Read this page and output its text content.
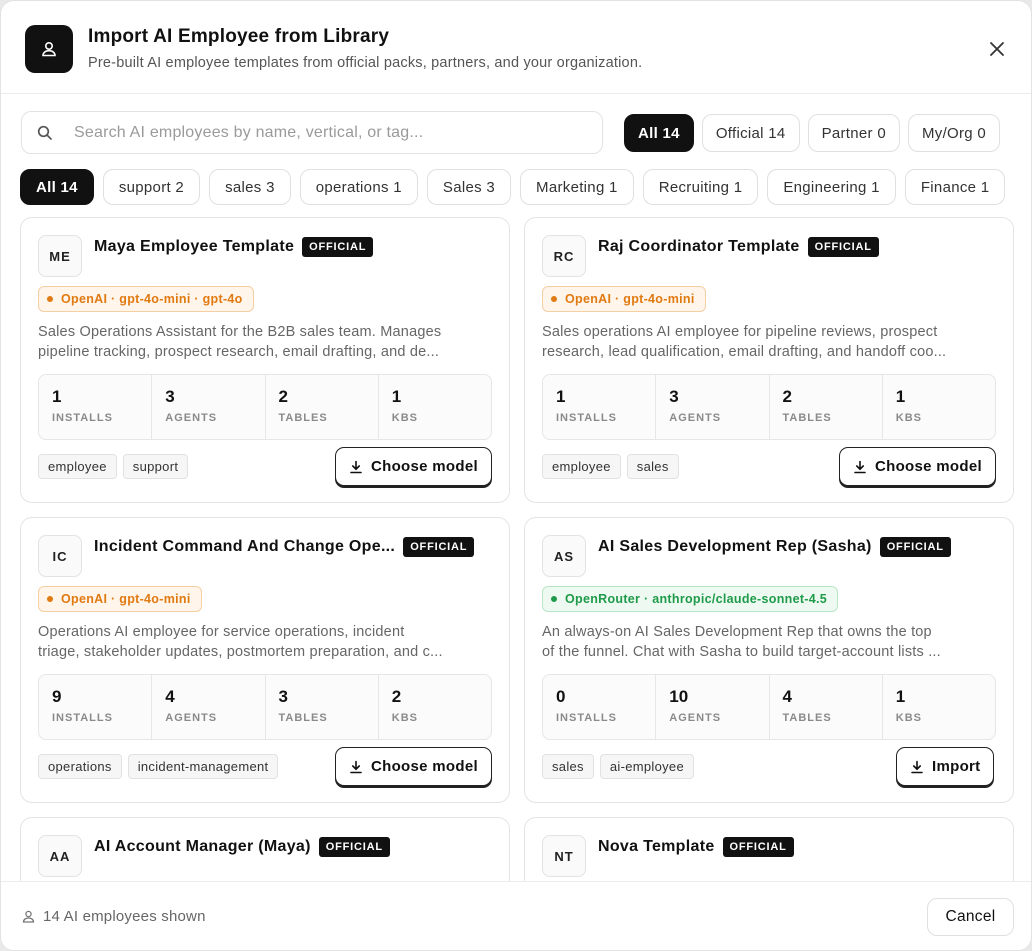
Import AI Employee from Library
Pre-built AI employee templates from official packs, partners, and your organization.
Search AI employees by name, vertical, or tag...
All 14	Official 14	Partner 0	My/Org 0
All 14	support 2	sales 3	operations 1	Sales 3	Marketing 1	Recruiting 1	Engineering 1	Finance 1
ME
Maya Employee Template	OFFICIAL
OpenAI · gpt-4o-mini · gpt-4o
Sales Operations Assistant for the B2B sales team. Manages
pipeline tracking, prospect research, email drafting, and de...
1
INSTALLS
3
AGENTS
2
TABLES
1
KBS
employee	support	Choose model
RC
Raj Coordinator Template	OFFICIAL
OpenAI · gpt-4o-mini
Sales operations AI employee for pipeline reviews, prospect
research, lead qualification, email drafting, and handoff coo...
1
INSTALLS
3
AGENTS
2
TABLES
1
KBS
employee	sales	Choose model
IC
Incident Command And Change Ope...	OFFICIAL
OpenAI · gpt-4o-mini
Operations AI employee for service operations, incident
triage, stakeholder updates, postmortem preparation, and c...
9
INSTALLS
4
AGENTS
3
TABLES
2
KBS
operations	incident-management	Choose model
AS
AI Sales Development Rep (Sasha)	OFFICIAL
OpenRouter · anthropic/claude-sonnet-4.5
An always-on AI Sales Development Rep that owns the top
of the funnel. Chat with Sasha to build target-account lists ...
0
INSTALLS
10
AGENTS
4
TABLES
1
KBS
sales	ai-employee	Import
AA
AI Account Manager (Maya)	OFFICIAL
NT
Nova Template	OFFICIAL
14 AI employees shown	Cancel
